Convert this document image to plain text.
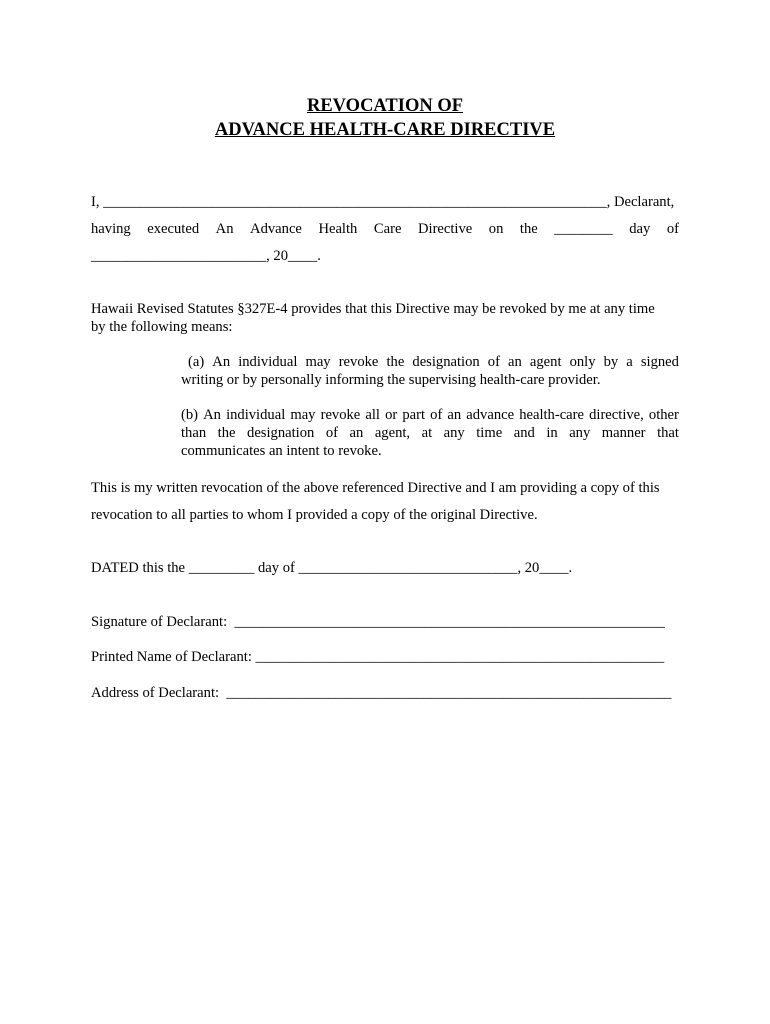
REVOCATION OF
ADVANCE HEALTH-CARE DIRECTIVE
I, _____________________________________________________________________, Declarant,
having executed An Advance Health Care Directive on the ________ day of
________________________, 20____.
Hawaii Revised Statutes §327E-4 provides that this Directive may be revoked by me at any time
by the following means:
(a) An individual may revoke the designation of an agent only by a signed
writing or by personally informing the supervising health-care provider.
(b) An individual may revoke all or part of an advance health-care directive, other
than the designation of an agent, at any time and in any manner that
communicates an intent to revoke.
This is my written revocation of the above referenced Directive and I am providing a copy of this
revocation to all parties to whom I provided a copy of the original Directive.
DATED this the _________ day of ______________________________, 20____.
Signature of Declarant:  ___________________________________________________________
Printed Name of Declarant: ________________________________________________________
Address of Declarant:  _____________________________________________________________
